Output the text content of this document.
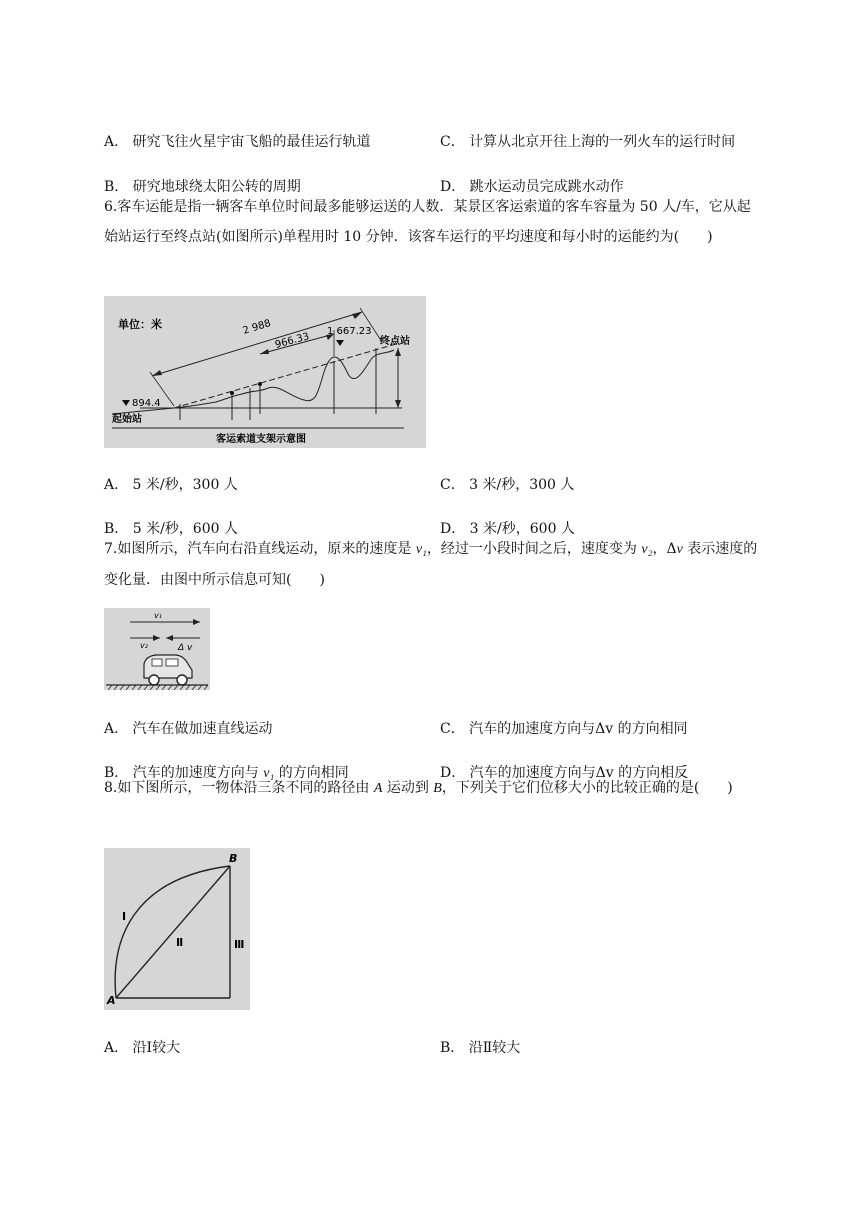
A． 研究飞往火星宇宙飞船的最佳运行轨道	C． 计算从北京开往上海的一列火车的运行时间
B． 研究地球绕太阳公转的周期	D． 跳水运动员完成跳水动作
6.客车运能是指一辆客车单位时间最多能够运送的人数．某景区客运索道的客车容量为 50 人/车，它从起始站运行至终点站(如图所示)单程用时 10 分钟．该客车运行的平均速度和每小时的运能约为(　　)
单位：米	2 988	1 667.23
966.33
894.4
起始站
终点站
客运索道支架示意图
A． 5 米/秒，300 人	C． 3 米/秒，300 人
B． 5 米/秒，600 人	D． 3 米/秒，600 人
7.如图所示，汽车向右沿直线运动，原来的速度是 v₁，经过一小段时间之后，速度变为 v₂，Δv 表示速度的变化量．由图中所示信息可知(　　)
v₁
v₂	Δ v
A． 汽车在做加速直线运动	C． 汽车的加速度方向与Δv 的方向相同
B． 汽车的加速度方向与 v₁ 的方向相同	D． 汽车的加速度方向与Δv 的方向相反
8.如下图所示，一物体沿三条不同的路径由 A 运动到 B，下列关于它们位移大小的比较正确的是(　　)
A
B
Ⅰ
Ⅱ	Ⅲ
A． 沿Ⅰ较大	B． 沿Ⅱ较大
